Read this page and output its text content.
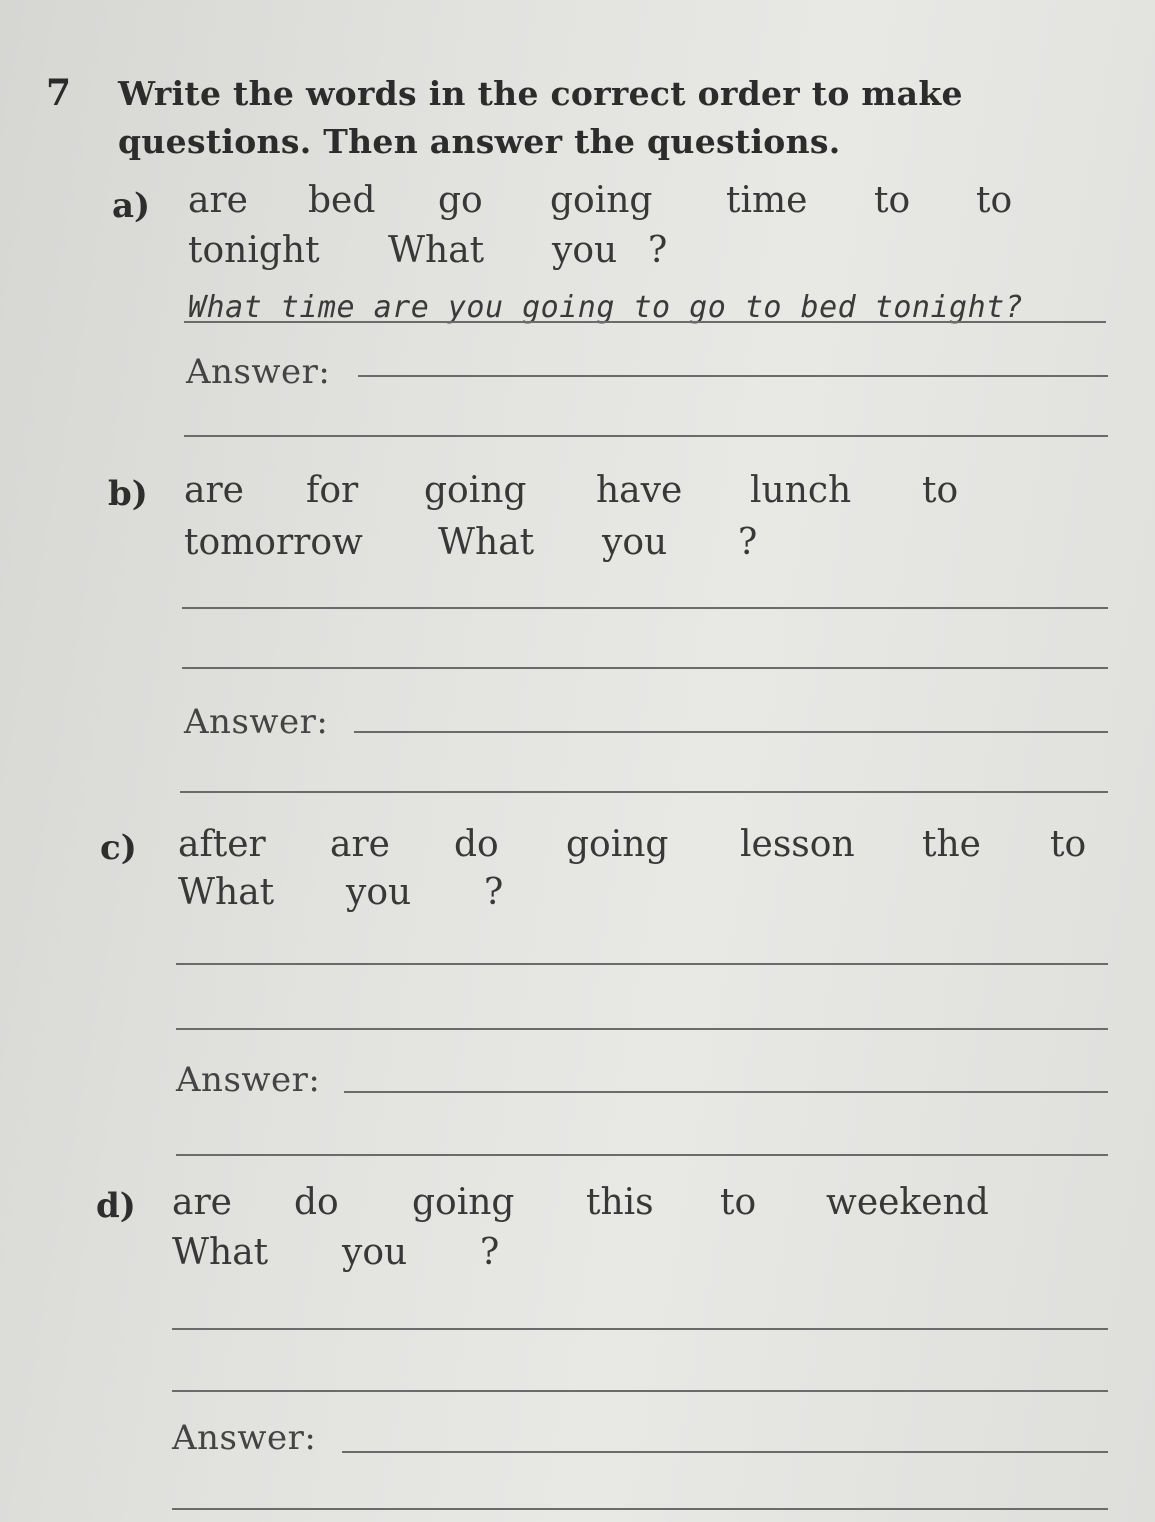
7 Write the words in the correct order to make
questions. Then answer the questions.
a) are bed go going time to to
tonight What you ?
What time are you going to go to bed tonight?
Answer:
b) are for going have lunch to
tomorrow What you ?
Answer:
c) after are do going lesson the to
What you ?
Answer:
d) are do going this to weekend
What you ?
Answer:
